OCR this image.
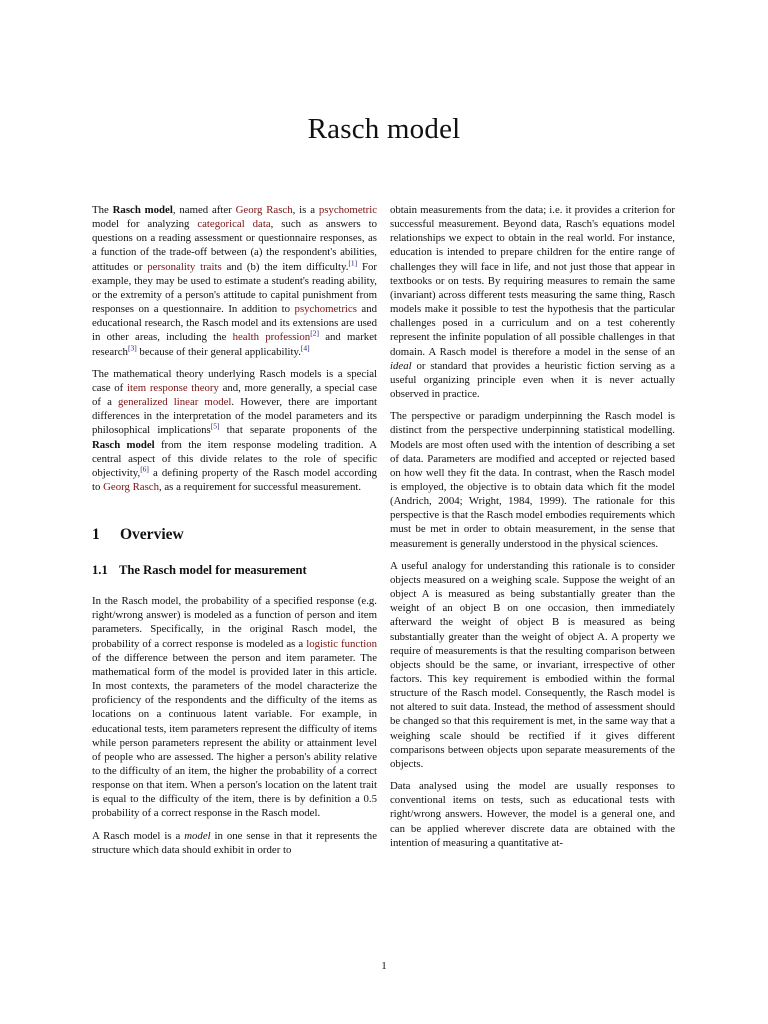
Rasch model

The Rasch model, named after Georg Rasch, is a psychometric model for analyzing categorical data, such as answers to questions on a reading assessment or questionnaire responses, as a function of the trade-off between (a) the respondent's abilities, attitudes or personality traits and (b) the item difficulty.[1] For example, they may be used to estimate a student's reading ability, or the extremity of a person's attitude to capital punishment from responses on a questionnaire. In addition to psychometrics and educational research, the Rasch model and its extensions are used in other areas, including the health profession[2] and market research[3] because of their general applicability.[4]

The mathematical theory underlying Rasch models is a special case of item response theory and, more generally, a special case of a generalized linear model. However, there are important differences in the interpretation of the model parameters and its philosophical implications[5] that separate proponents of the Rasch model from the item response modeling tradition. A central aspect of this divide relates to the role of specific objectivity,[6] a defining property of the Rasch model according to Georg Rasch, as a requirement for successful measurement.

1 Overview
1.1 The Rasch model for measurement

In the Rasch model, the probability of a specified response (e.g. right/wrong answer) is modeled as a function of person and item parameters. Specifically, in the original Rasch model, the probability of a correct response is modeled as a logistic function of the difference between the person and item parameter. The mathematical form of the model is provided later in this article. In most contexts, the parameters of the model characterize the proficiency of the respondents and the difficulty of the items as locations on a continuous latent variable. For example, in educational tests, item parameters represent the difficulty of items while person parameters represent the ability or attainment level of people who are assessed. The higher a person's ability relative to the difficulty of an item, the higher the probability of a correct response on that item. When a person's location on the latent trait is equal to the difficulty of the item, there is by definition a 0.5 probability of a correct response in the Rasch model.

A Rasch model is a model in one sense in that it represents the structure which data should exhibit in order to

obtain measurements from the data; i.e. it provides a criterion for successful measurement. Beyond data, Rasch's equations model relationships we expect to obtain in the real world. For instance, education is intended to prepare children for the entire range of challenges they will face in life, and not just those that appear in textbooks or on tests. By requiring measures to remain the same (invariant) across different tests measuring the same thing, Rasch models make it possible to test the hypothesis that the particular challenges posed in a curriculum and on a test coherently represent the infinite population of all possible challenges in that domain. A Rasch model is therefore a model in the sense of an ideal or standard that provides a heuristic fiction serving as a useful organizing principle even when it is never actually observed in practice.

The perspective or paradigm underpinning the Rasch model is distinct from the perspective underpinning statistical modelling. Models are most often used with the intention of describing a set of data. Parameters are modified and accepted or rejected based on how well they fit the data. In contrast, when the Rasch model is employed, the objective is to obtain data which fit the model (Andrich, 2004; Wright, 1984, 1999). The rationale for this perspective is that the Rasch model embodies requirements which must be met in order to obtain measurement, in the sense that measurement is generally understood in the physical sciences.

A useful analogy for understanding this rationale is to consider objects measured on a weighing scale. Suppose the weight of an object A is measured as being substantially greater than the weight of an object B on one occasion, then immediately afterward the weight of object B is measured as being substantially greater than the weight of object A. A property we require of measurements is that the resulting comparison between objects should be the same, or invariant, irrespective of other factors. This key requirement is embodied within the formal structure of the Rasch model. Consequently, the Rasch model is not altered to suit data. Instead, the method of assessment should be changed so that this requirement is met, in the same way that a weighing scale should be rectified if it gives different comparisons between objects upon separate measurements of the objects.

Data analysed using the model are usually responses to conventional items on tests, such as educational tests with right/wrong answers. However, the model is a general one, and can be applied wherever discrete data are obtained with the intention of measuring a quantitative at-

1
